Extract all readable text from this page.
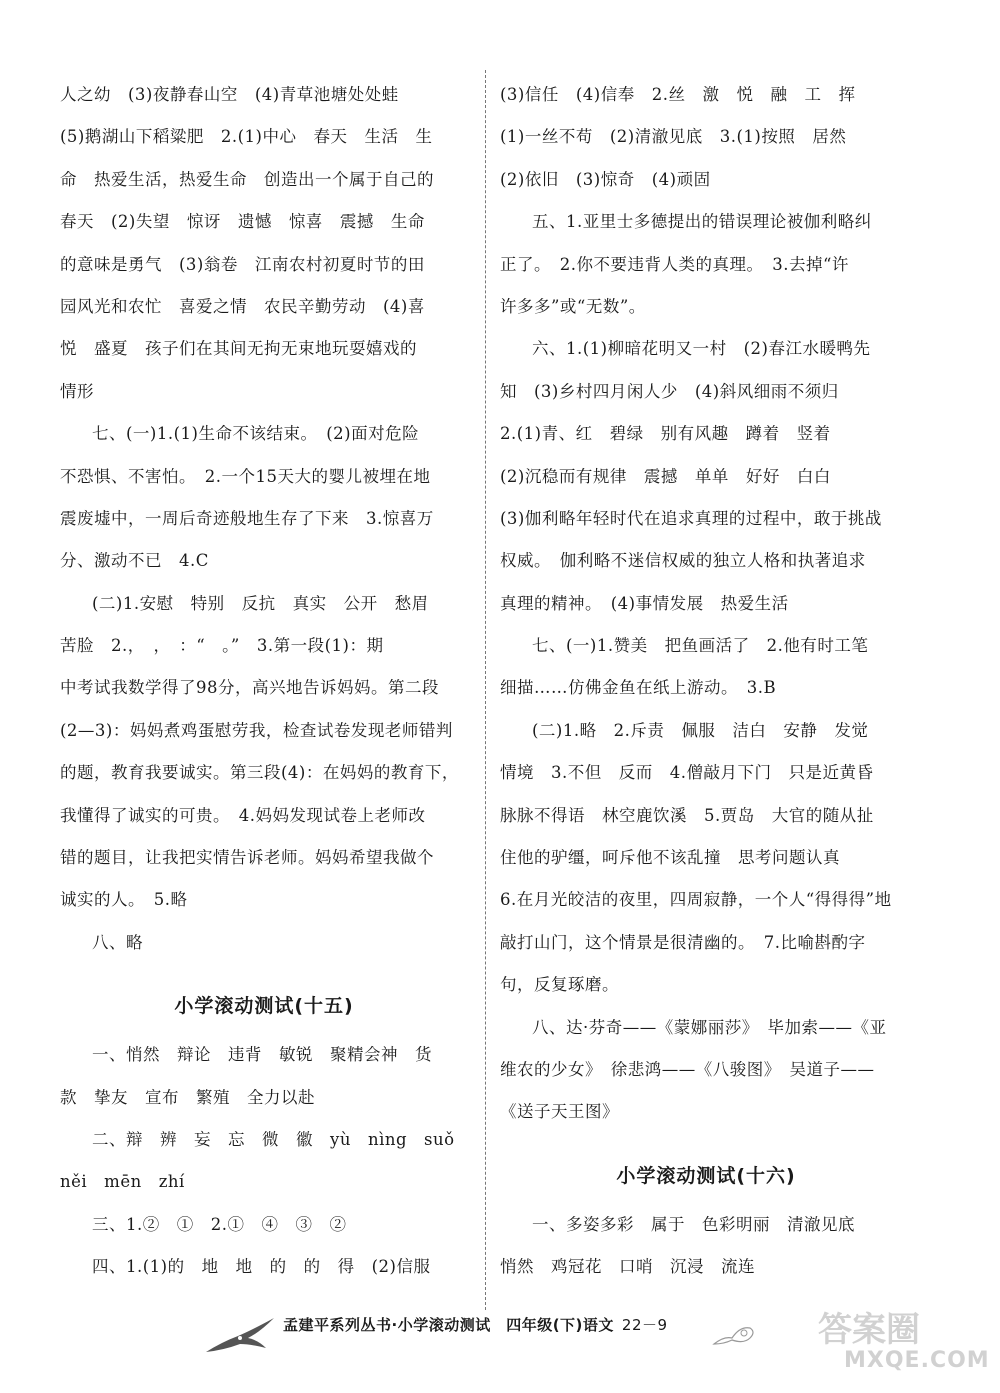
人之幼　(3)夜静春山空　(4)青草池塘处处蛙
(5)鹅湖山下稻粱肥　2.(1)中心　春天　生活　生
命　热爱生活，热爱生命　创造出一个属于自己的
春天　(2)失望　惊讶　遗憾　惊喜　震撼　生命
的意味是勇气　(3)翁卷　江南农村初夏时节的田
园风光和农忙　喜爱之情　农民辛勤劳动　(4)喜
悦　盛夏　孩子们在其间无拘无束地玩耍嬉戏的
情形
七、(一)1.(1)生命不该结束。　(2)面对危险
不恐惧、不害怕。　2.一个15天大的婴儿被埋在地
震废墟中，一周后奇迹般地生存了下来　3.惊喜万
分、激动不已　4.C
(二)1.安慰　特别　反抗　真实　公开　愁眉
苦脸　2.，　，　：“　。”　3.第一段(1)：期
中考试我数学得了98分，高兴地告诉妈妈。第二段
(2—3)：妈妈煮鸡蛋慰劳我，检查试卷发现老师错判
的题，教育我要诚实。第三段(4)：在妈妈的教育下，
我懂得了诚实的可贵。　4.妈妈发现试卷上老师改
错的题目，让我把实情告诉老师。妈妈希望我做个
诚实的人。　5.略
八、略
小学滚动测试(十五)
一、悄然　辩论　违背　敏锐　聚精会神　货
款　挚友　宣布　繁殖　全力以赴
二、辩　辨　妄　忘　微　徽　yù　nìng　suǒ
něi　mēn　zhí
三、1.②　①　2.①　④　③　②
四、1.(1)的　地　地　的　的　得　(2)信服
(3)信任　(4)信奉　2.丝　激　悦　融　工　挥
(1)一丝不苟　(2)清澈见底　3.(1)按照　居然
(2)依旧　(3)惊奇　(4)顽固
五、1.亚里士多德提出的错误理论被伽利略纠
正了。　2.你不要违背人类的真理。　3.去掉“许
许多多”或“无数”。
六、1.(1)柳暗花明又一村　(2)春江水暖鸭先
知　(3)乡村四月闲人少　(4)斜风细雨不须归
2.(1)青、红　碧绿　别有风趣　蹲着　竖着
(2)沉稳而有规律　震撼　单单　好好　白白
(3)伽利略年轻时代在追求真理的过程中，敢于挑战
权威。　伽利略不迷信权威的独立人格和执著追求
真理的精神。　(4)事情发展　热爱生活
七、(一)1.赞美　把鱼画活了　2.他有时工笔
细描……仿佛金鱼在纸上游动。　3.B
(二)1.略　2.斥责　佩服　洁白　安静　发觉
情境　3.不但　反而　4.僧敲月下门　只是近黄昏
脉脉不得语　林空鹿饮溪　5.贾岛　大官的随从扯
住他的驴缰，呵斥他不该乱撞　思考问题认真
6.在月光皎洁的夜里，四周寂静，一个人“得得得”地
敲打山门，这个情景是很清幽的。　7.比喻斟酌字
句，反复琢磨。
八、达·芬奇——《蒙娜丽莎》　毕加索——《亚
维农的少女》　徐悲鸿——《八骏图》　吴道子——
《送子天王图》
小学滚动测试(十六)
一、多姿多彩　属于　色彩明丽　清澈见底
悄然　鸡冠花　口哨　沉浸　流连
孟建平系列丛书·小学滚动测试　四年级(下)语文 22－9	答案圈
MXQE.COM
